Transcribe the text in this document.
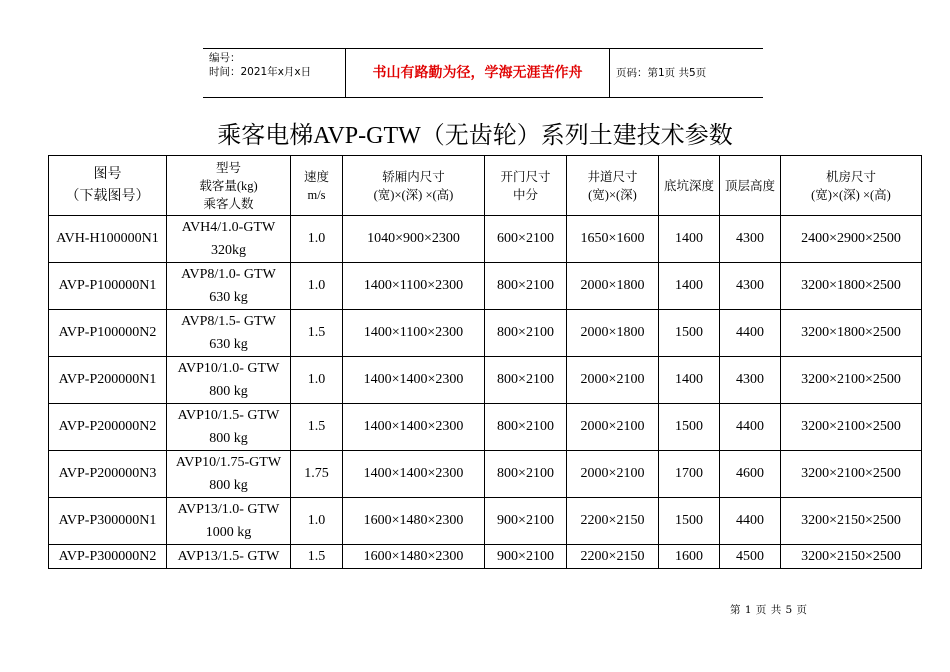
编号：
时间：2021年x月x日	书山有路勤为径，学海无涯苦作舟	页码：第1页 共5页
乘客电梯AVP-GTW（无齿轮）系列土建技术参数
图号
（下载图号）	型号
载客量(kg)
乘客人数	速度
m/s	轿厢内尺寸
(宽)×(深) ×(高)	开门尺寸
中分	井道尺寸
(宽)×(深)	底坑深度	顶层高度	机房尺寸
(宽)×(深) ×(高)

AVH-H100000N1	AVH4/1.0-GTW
320kg	1.0	1040×900×2300	600×2100	1650×1600	1400	4300	2400×2900×2500
AVP-P100000N1	AVP8/1.0- GTW
630 kg	1.0	1400×1100×2300	800×2100	2000×1800	1400	4300	3200×1800×2500
AVP-P100000N2	AVP8/1.5- GTW
630 kg	1.5	1400×1100×2300	800×2100	2000×1800	1500	4400	3200×1800×2500
AVP-P200000N1	AVP10/1.0- GTW
800 kg	1.0	1400×1400×2300	800×2100	2000×2100	1400	4300	3200×2100×2500
AVP-P200000N2	AVP10/1.5- GTW
800 kg	1.5	1400×1400×2300	800×2100	2000×2100	1500	4400	3200×2100×2500
AVP-P200000N3	AVP10/1.75-GTW
800 kg	1.75	1400×1400×2300	800×2100	2000×2100	1700	4600	3200×2100×2500
AVP-P300000N1	AVP13/1.0- GTW
1000 kg	1.0	1600×1480×2300	900×2100	2200×2150	1500	4400	3200×2150×2500
AVP-P300000N2	AVP13/1.5- GTW	1.5	1600×1480×2300	900×2100	2200×2150	1600	4500	3200×2150×2500
第 1 页 共 5 页
